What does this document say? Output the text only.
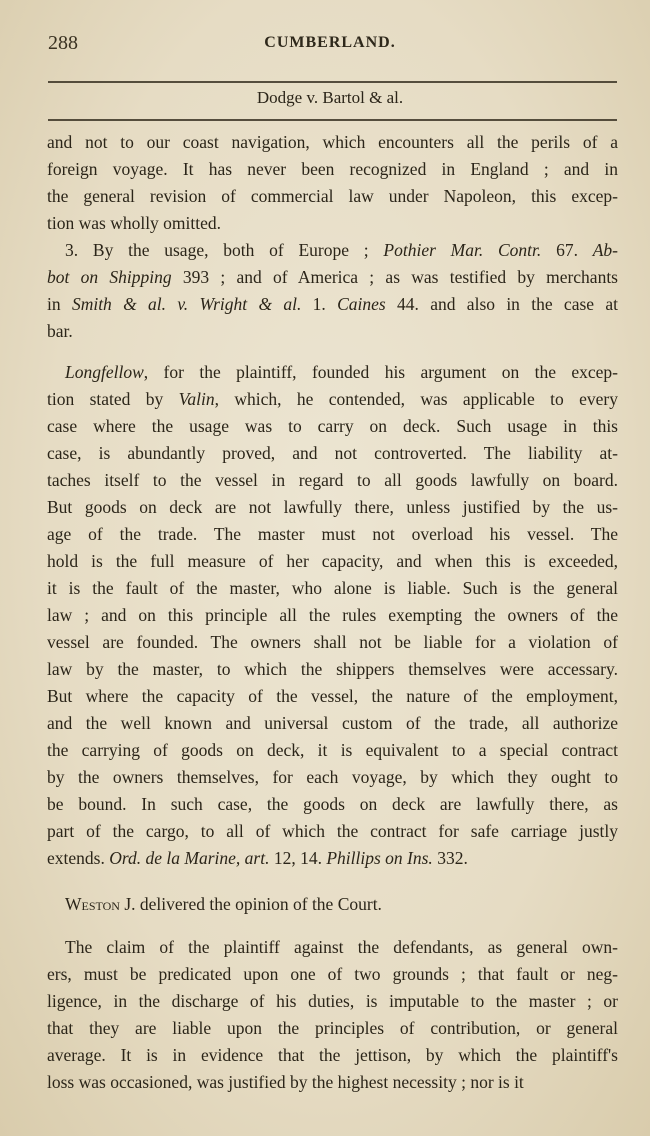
288	CUMBERLAND.
Dodge v. Bartol & al.
and not to our coast navigation, which encounters all the perils of a
foreign voyage. It has never been recognized in England ; and in
the general revision of commercial law under Napoleon, this excep-
tion was wholly omitted.
3. By the usage, both of Europe ; Pothier Mar. Contr. 67. Ab-
bot on Shipping 393 ; and of America ; as was testified by merchants
in Smith & al. v. Wright & al. 1. Caines 44. and also in the case at
bar.
Longfellow, for the plaintiff, founded his argument on the excep-
tion stated by Valin, which, he contended, was applicable to every
case where the usage was to carry on deck. Such usage in this
case, is abundantly proved, and not controverted. The liability at-
taches itself to the vessel in regard to all goods lawfully on board.
But goods on deck are not lawfully there, unless justified by the us-
age of the trade. The master must not overload his vessel. The
hold is the full measure of her capacity, and when this is exceeded,
it is the fault of the master, who alone is liable. Such is the general
law ; and on this principle all the rules exempting the owners of the
vessel are founded. The owners shall not be liable for a violation of
law by the master, to which the shippers themselves were accessary.
But where the capacity of the vessel, the nature of the employment,
and the well known and universal custom of the trade, all authorize
the carrying of goods on deck, it is equivalent to a special contract
by the owners themselves, for each voyage, by which they ought to
be bound. In such case, the goods on deck are lawfully there, as
part of the cargo, to all of which the contract for safe carriage justly
extends. Ord. de la Marine, art. 12, 14. Phillips on Ins. 332.
Weston J. delivered the opinion of the Court.
The claim of the plaintiff against the defendants, as general own-
ers, must be predicated upon one of two grounds ; that fault or neg-
ligence, in the discharge of his duties, is imputable to the master ; or
that they are liable upon the principles of contribution, or general
average. It is in evidence that the jettison, by which the plaintiff's
loss was occasioned, was justified by the highest necessity ; nor is it
